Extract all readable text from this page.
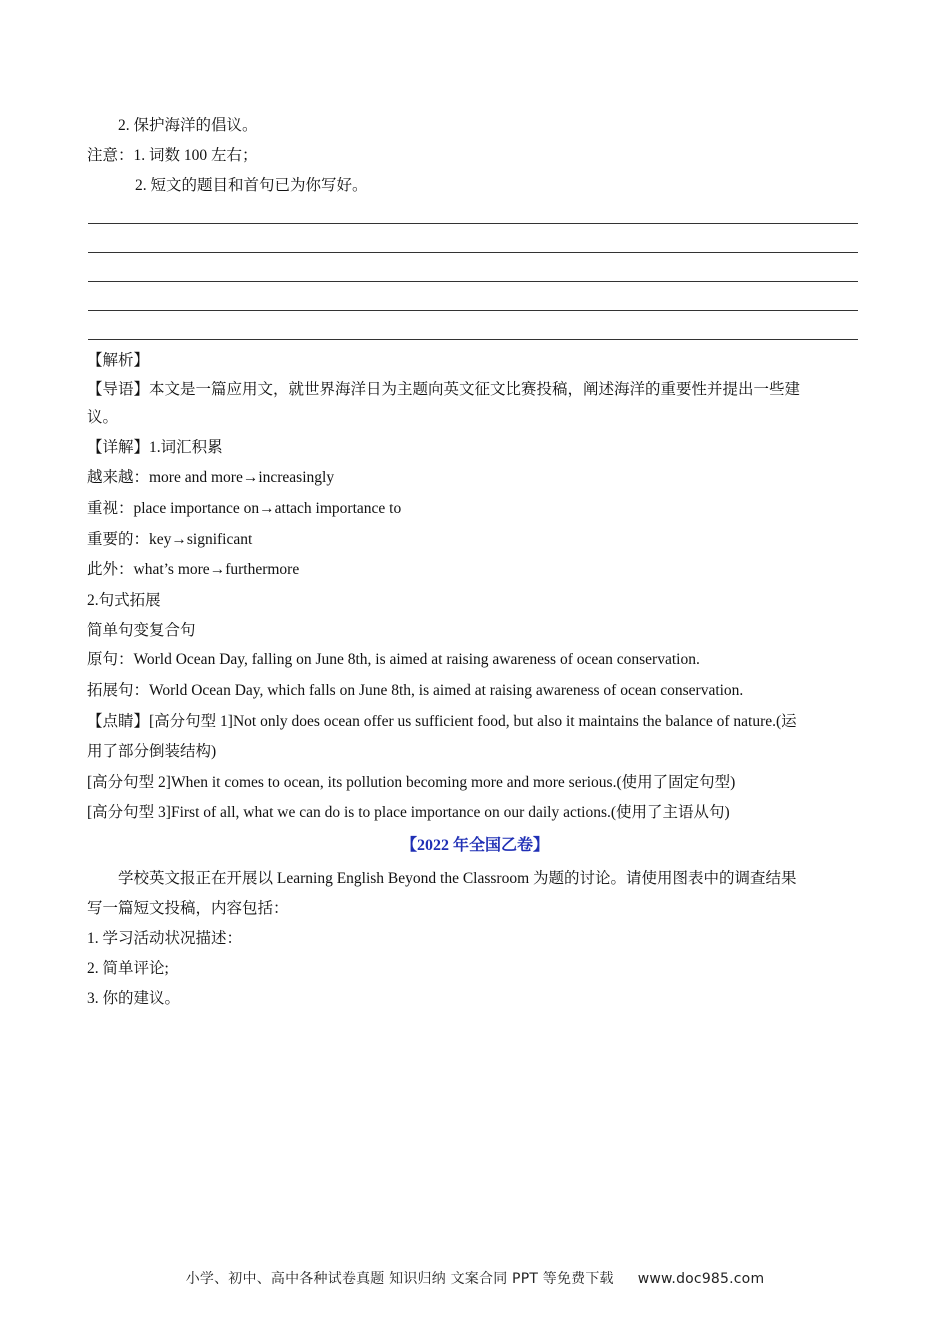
2. 保护海洋的倡议。
注意：1. 词数 100 左右；
2. 短文的题目和首句已为你写好。
【解析】
【导语】本文是一篇应用文，就世界海洋日为主题向英文征文比赛投稿，阐述海洋的重要性并提出一些建
议。
【详解】1.词汇积累
越来越：more and more→increasingly
重视：place importance on→attach importance to
重要的：key→significant
此外：what’s more→furthermore
2.句式拓展
简单句变复合句
原句：World Ocean Day, falling on June 8th, is aimed at raising awareness of ocean conservation.
拓展句：World Ocean Day, which falls on June 8th, is aimed at raising awareness of ocean conservation.
【点睛】[高分句型 1]Not only does ocean offer us sufficient food, but also it maintains the balance of nature.(运
用了部分倒装结构)
[高分句型 2]When it comes to ocean, its pollution becoming more and more serious.(使用了固定句型)
[高分句型 3]First of all, what we can do is to place importance on our daily actions.(使用了主语从句)
【2022 年全国乙卷】
学校英文报正在开展以 Learning English Beyond the Classroom 为题的讨论。请使用图表中的调查结果
写一篇短文投稿，内容包括：
1. 学习活动状况描述：
2. 简单评论;
3. 你的建议。
小学、初中、高中各种试卷真题 知识归纳 文案合同 PPT 等免费下载 www.doc985.com
